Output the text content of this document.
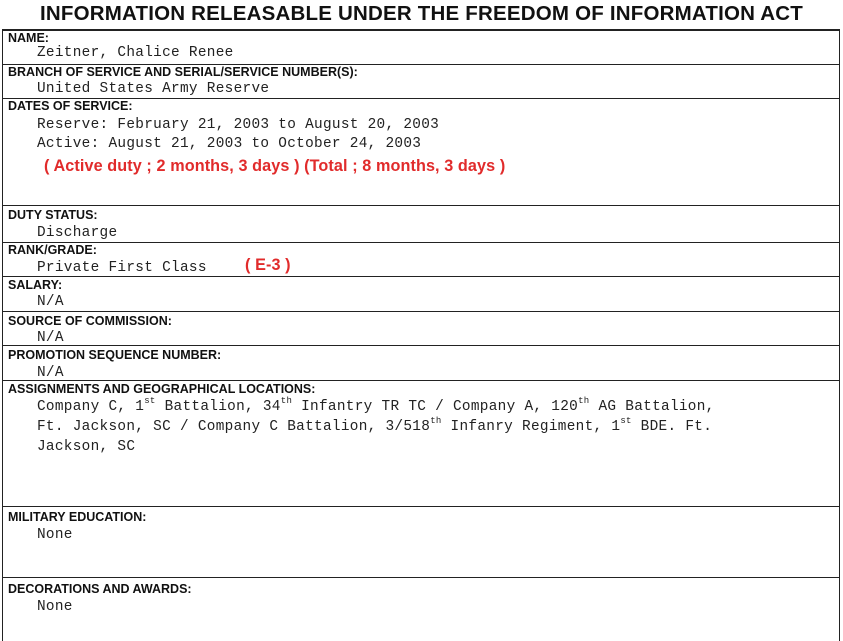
INFORMATION RELEASABLE UNDER THE FREEDOM OF INFORMATION ACT
NAME:
Zeitner, Chalice Renee
BRANCH OF SERVICE AND SERIAL/SERVICE NUMBER(S):
United States Army Reserve
DATES OF SERVICE:
Reserve: February 21, 2003 to August 20, 2003
Active: August 21, 2003 to October 24, 2003
( Active duty ; 2 months, 3 days ) (Total ; 8 months, 3 days )
DUTY STATUS:
Discharge
RANK/GRADE:
Private First Class ( E-3 )
SALARY:
N/A
SOURCE OF COMMISSION:
N/A
PROMOTION SEQUENCE NUMBER:
N/A
ASSIGNMENTS AND GEOGRAPHICAL LOCATIONS:
Company C, 1st Battalion, 34th Infantry TR TC / Company A, 120th AG Battalion,
Ft. Jackson, SC / Company C Battalion, 3/518th Infanry Regiment, 1st BDE. Ft.
Jackson, SC
MILITARY EDUCATION:
None
DECORATIONS AND AWARDS:
None
